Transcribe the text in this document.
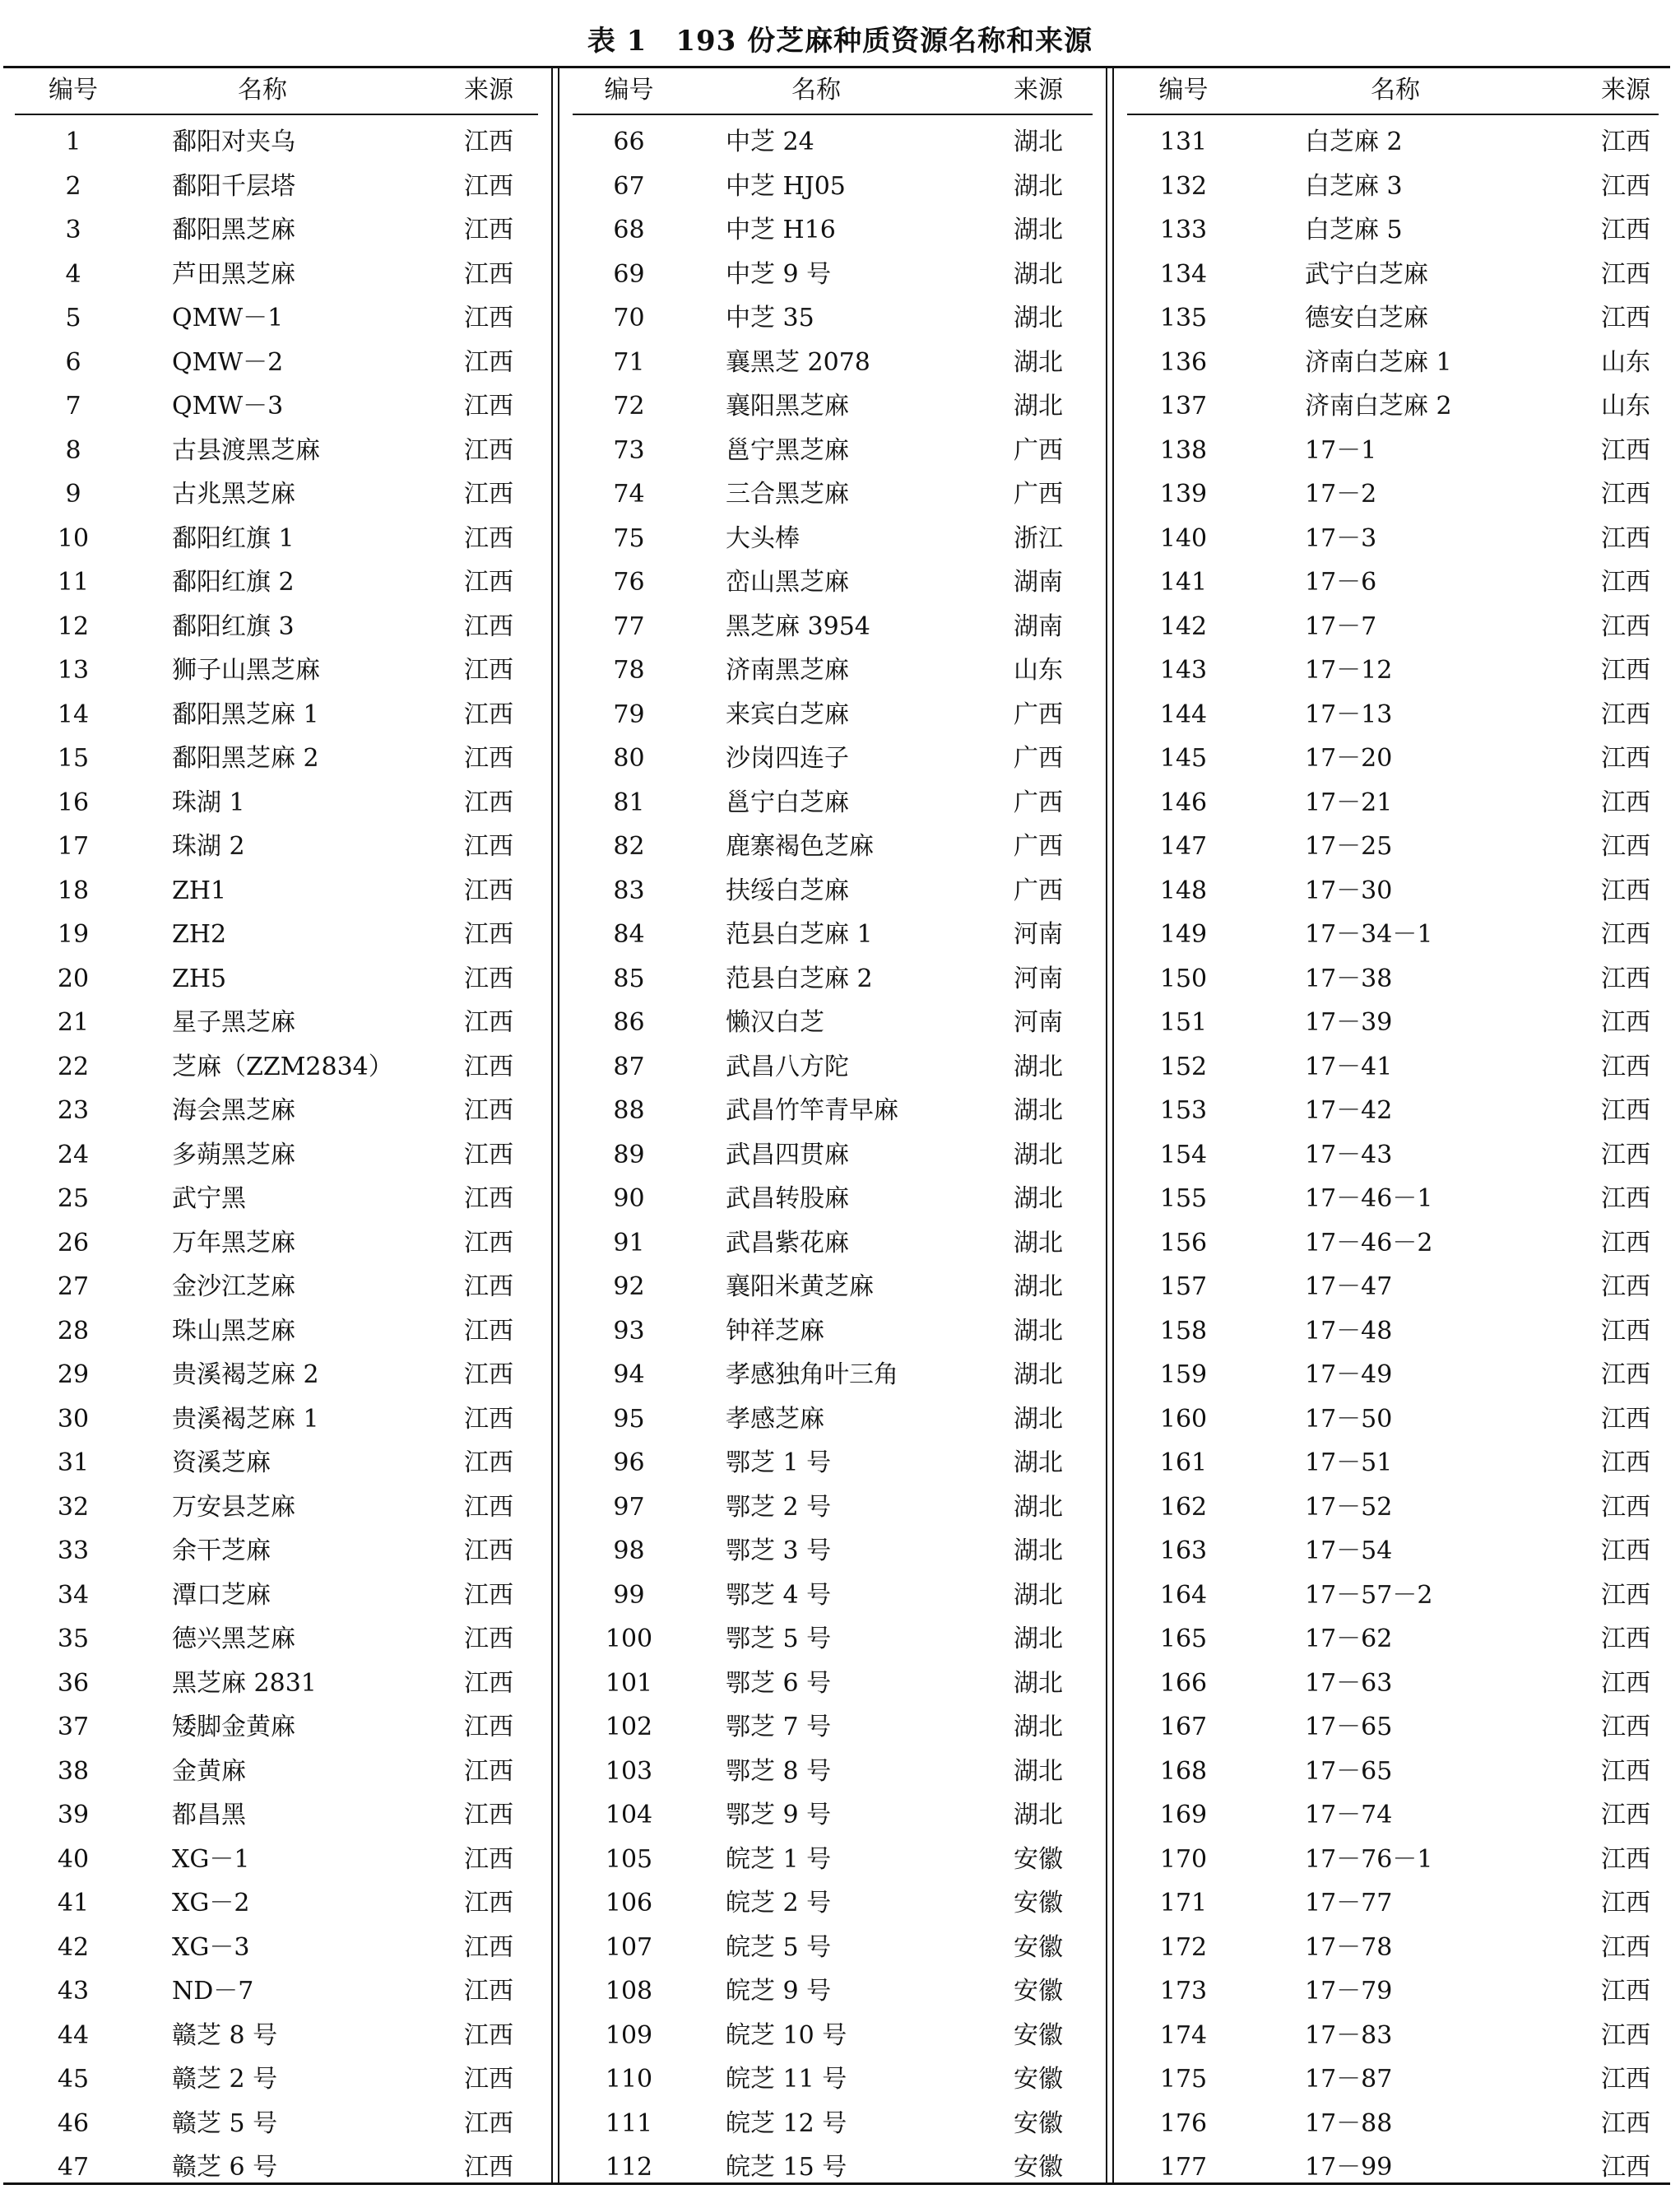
表 1　193 份芝麻种质资源名称和来源
编号	名称	来源
1	鄱阳对夹乌	江西
2	鄱阳千层塔	江西
3	鄱阳黑芝麻	江西
4	芦田黑芝麻	江西
5	QMW－1	江西
6	QMW－2	江西
7	QMW－3	江西
8	古县渡黑芝麻	江西
9	古兆黑芝麻	江西
10	鄱阳红旗 1	江西
11	鄱阳红旗 2	江西
12	鄱阳红旗 3	江西
13	狮子山黑芝麻	江西
14	鄱阳黑芝麻 1	江西
15	鄱阳黑芝麻 2	江西
16	珠湖 1	江西
17	珠湖 2	江西
18	ZH1	江西
19	ZH2	江西
20	ZH5	江西
21	星子黑芝麻	江西
22	芝麻（ZZM2834）	江西
23	海会黑芝麻	江西
24	多蒴黑芝麻	江西
25	武宁黑	江西
26	万年黑芝麻	江西
27	金沙江芝麻	江西
28	珠山黑芝麻	江西
29	贵溪褐芝麻 2	江西
30	贵溪褐芝麻 1	江西
31	资溪芝麻	江西
32	万安县芝麻	江西
33	余干芝麻	江西
34	潭口芝麻	江西
35	德兴黑芝麻	江西
36	黑芝麻 2831	江西
37	矮脚金黄麻	江西
38	金黄麻	江西
39	都昌黑	江西
40	XG－1	江西
41	XG－2	江西
42	XG－3	江西
43	ND－7	江西
44	赣芝 8 号	江西
45	赣芝 2 号	江西
46	赣芝 5 号	江西
47	赣芝 6 号	江西
编号	名称	来源
66	中芝 24	湖北
67	中芝 HJ05	湖北
68	中芝 H16	湖北
69	中芝 9 号	湖北
70	中芝 35	湖北
71	襄黑芝 2078	湖北
72	襄阳黑芝麻	湖北
73	邕宁黑芝麻	广西
74	三合黑芝麻	广西
75	大头棒	浙江
76	峦山黑芝麻	湖南
77	黑芝麻 3954	湖南
78	济南黑芝麻	山东
79	来宾白芝麻	广西
80	沙岗四连子	广西
81	邕宁白芝麻	广西
82	鹿寨褐色芝麻	广西
83	扶绥白芝麻	广西
84	范县白芝麻 1	河南
85	范县白芝麻 2	河南
86	懒汉白芝	河南
87	武昌八方陀	湖北
88	武昌竹竿青早麻	湖北
89	武昌四贯麻	湖北
90	武昌转股麻	湖北
91	武昌紫花麻	湖北
92	襄阳米黄芝麻	湖北
93	钟祥芝麻	湖北
94	孝感独角叶三角	湖北
95	孝感芝麻	湖北
96	鄂芝 1 号	湖北
97	鄂芝 2 号	湖北
98	鄂芝 3 号	湖北
99	鄂芝 4 号	湖北
100	鄂芝 5 号	湖北
101	鄂芝 6 号	湖北
102	鄂芝 7 号	湖北
103	鄂芝 8 号	湖北
104	鄂芝 9 号	湖北
105	皖芝 1 号	安徽
106	皖芝 2 号	安徽
107	皖芝 5 号	安徽
108	皖芝 9 号	安徽
109	皖芝 10 号	安徽
110	皖芝 11 号	安徽
111	皖芝 12 号	安徽
112	皖芝 15 号	安徽
编号	名称	来源
131	白芝麻 2	江西
132	白芝麻 3	江西
133	白芝麻 5	江西
134	武宁白芝麻	江西
135	德安白芝麻	江西
136	济南白芝麻 1	山东
137	济南白芝麻 2	山东
138	17－1	江西
139	17－2	江西
140	17－3	江西
141	17－6	江西
142	17－7	江西
143	17－12	江西
144	17－13	江西
145	17－20	江西
146	17－21	江西
147	17－25	江西
148	17－30	江西
149	17－34－1	江西
150	17－38	江西
151	17－39	江西
152	17－41	江西
153	17－42	江西
154	17－43	江西
155	17－46－1	江西
156	17－46－2	江西
157	17－47	江西
158	17－48	江西
159	17－49	江西
160	17－50	江西
161	17－51	江西
162	17－52	江西
163	17－54	江西
164	17－57－2	江西
165	17－62	江西
166	17－63	江西
167	17－65	江西
168	17－65	江西
169	17－74	江西
170	17－76－1	江西
171	17－77	江西
172	17－78	江西
173	17－79	江西
174	17－83	江西
175	17－87	江西
176	17－88	江西
177	17－99	江西
